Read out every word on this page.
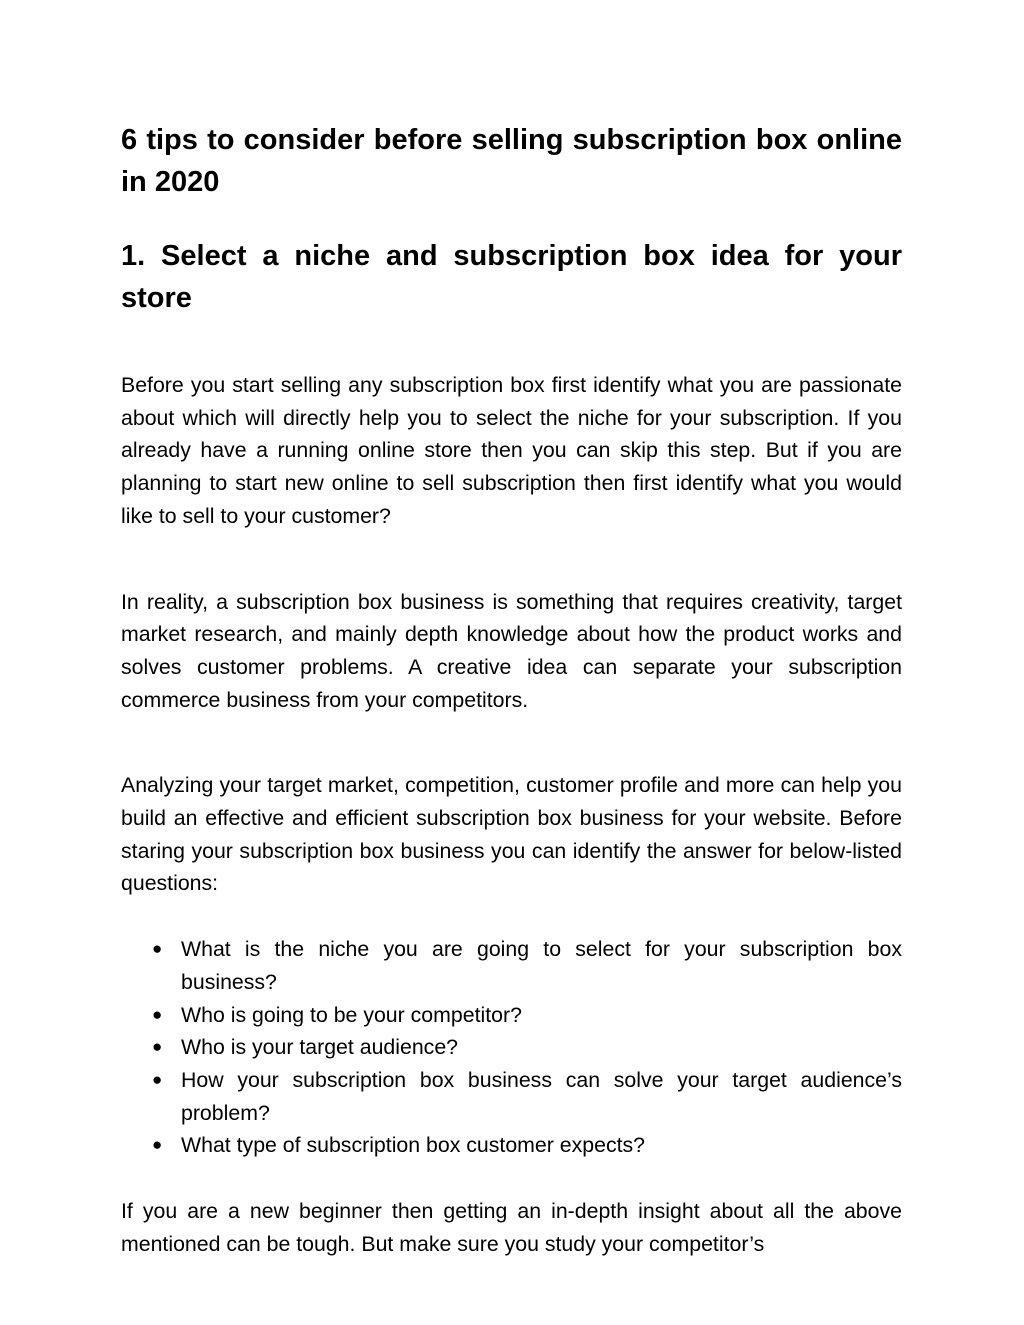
6 tips to consider before selling subscription box online in 2020
1. Select a niche and subscription box idea for your store

Before you start selling any subscription box first identify what you are passionate about which will directly help you to select the niche for your subscription. If you already have a running online store then you can skip this step. But if you are planning to start new online to sell subscription then first identify what you would like to sell to your customer?

In reality, a subscription box business is something that requires creativity, target market research, and mainly depth knowledge about how the product works and solves customer problems. A creative idea can separate your subscription commerce business from your competitors.

Analyzing your target market, competition, customer profile and more can help you build an effective and efficient subscription box business for your website. Before staring your subscription box business you can identify the answer for below-listed questions:

● What is the niche you are going to select for your subscription box business?
● Who is going to be your competitor?
● Who is your target audience?
● How your subscription box business can solve your target audience’s problem?
● What type of subscription box customer expects?

If you are a new beginner then getting an in-depth insight about all the above mentioned can be tough. But make sure you study your competitor’s
